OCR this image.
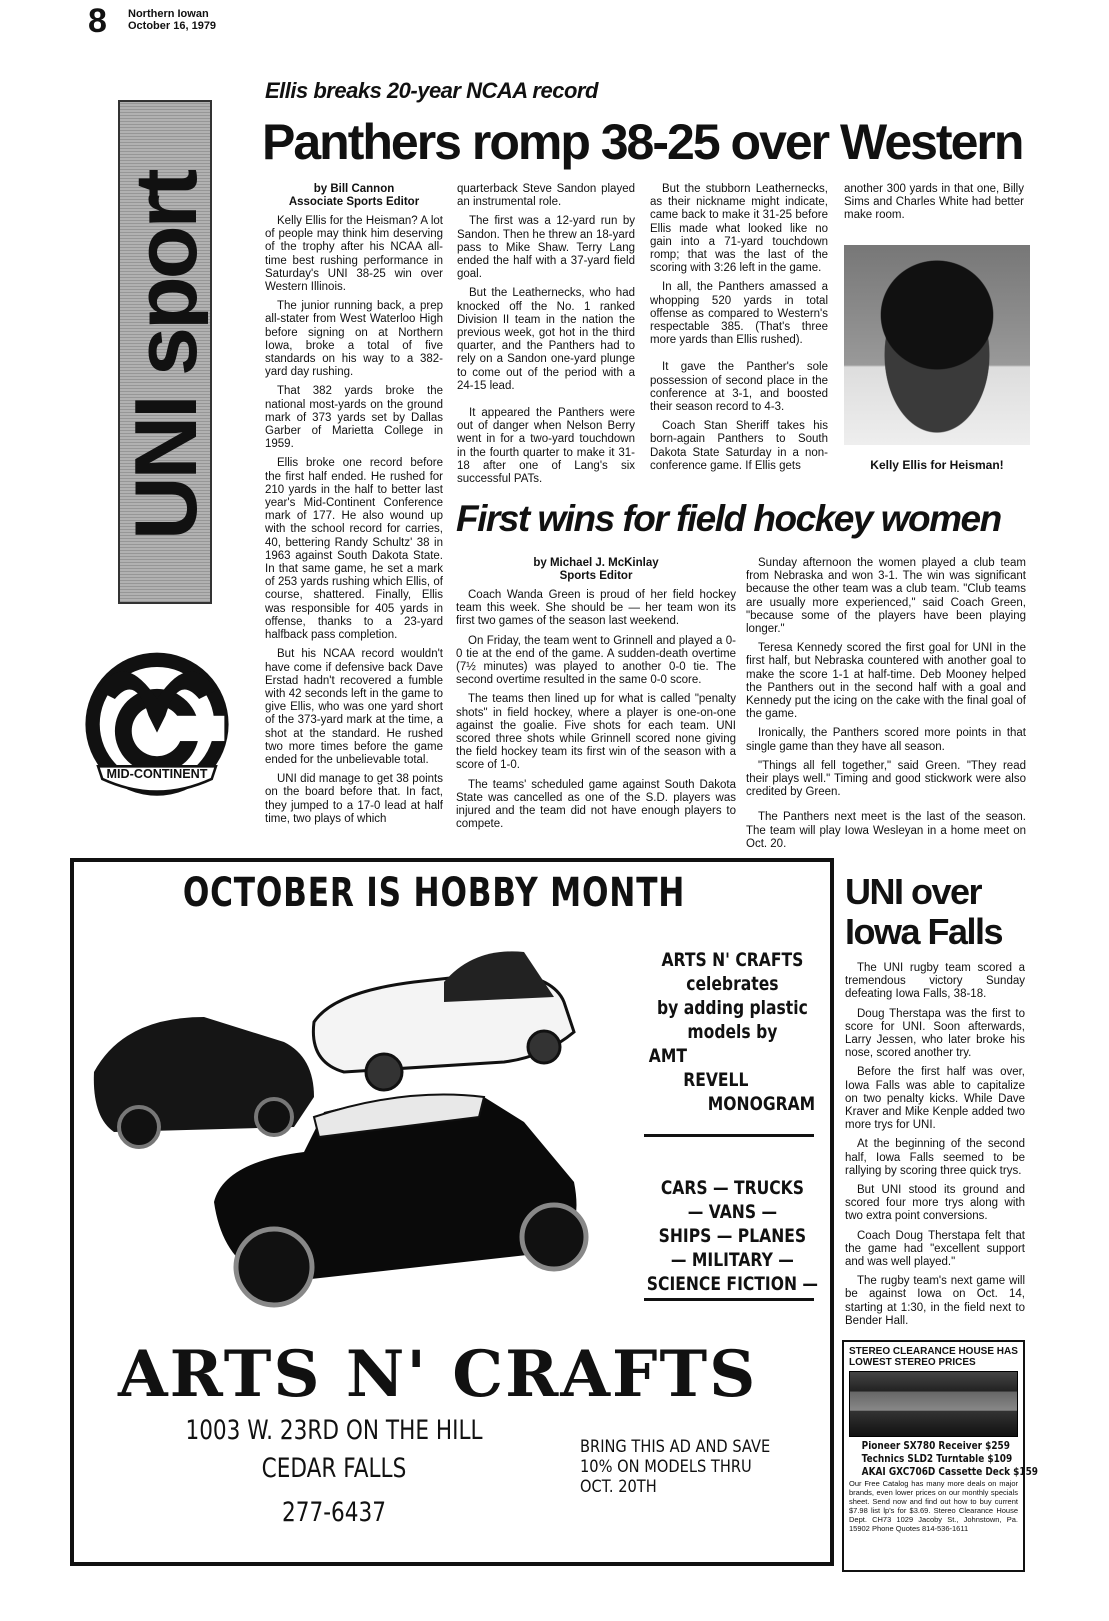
8 Northern Iowan
October 16, 1979
UNI sports
Ellis breaks 20-year NCAA record
Panthers romp 38-25 over Western
by Bill Cannon
Associate Sports Editor

Kelly Ellis for the Heisman? A lot of people may think him deserving of the trophy after his NCAA all-time best rushing performance in Saturday's UNI 38-25 win over Western Illinois.

The junior running back, a prep all-stater from West Waterloo High before signing on at Northern Iowa, broke a total of five standards on his way to a 382-yard day rushing.

That 382 yards broke the national most-yards on the ground mark of 373 yards set by Dallas Garber of Marietta College in 1959.

Ellis broke one record before the first half ended. He rushed for 210 yards in the half to better last year's Mid-Continent Conference mark of 177. He also wound up with the school record for carries, 40, bettering Randy Schultz' 38 in 1963 against South Dakota State. In that same game, he set a mark of 253 yards rushing which Ellis, of course, shattered. Finally, Ellis was responsible for 405 yards in offense, thanks to a 23-yard halfback pass completion.

But his NCAA record wouldn't have come if defensive back Dave Erstad hadn't recovered a fumble with 42 seconds left in the game to give Ellis, who was one yard short of the 373-yard mark at the time, a shot at the standard. He rushed two more times before the game ended for the unbelievable total.

UNI did manage to get 38 points on the board before that. In fact, they jumped to a 17-0 lead at half time, two plays of which

quarterback Steve Sandon played an instrumental role.

The first was a 12-yard run by Sandon. Then he threw an 18-yard pass to Mike Shaw. Terry Lang ended the half with a 37-yard field goal.

But the Leathernecks, who had knocked off the No. 1 ranked Division II team in the nation the previous week, got hot in the third quarter, and the Panthers had to rely on a Sandon one-yard plunge to come out of the period with a 24-15 lead.

It appeared the Panthers were out of danger when Nelson Berry went in for a two-yard touchdown in the fourth quarter to make it 31-18 after one of Lang's six successful PATs.

But the stubborn Leathernecks, as their nickname might indicate, came back to make it 31-25 before Ellis made what looked like no gain into a 71-yard touchdown romp; that was the last of the scoring with 3:26 left in the game.

In all, the Panthers amassed a whopping 520 yards in total offense as compared to Western's respectable 385. (That's three more yards than Ellis rushed).

It gave the Panther's sole possession of second place in the conference at 3-1, and boosted their season record to 4-3.

Coach Stan Sheriff takes his born-again Panthers to South Dakota State Saturday in a non-conference game. If Ellis gets

another 300 yards in that one, Billy Sims and Charles White had better make room.

Kelly Ellis for Heisman!
MID-CONTINENT
First wins for field hockey women
by Michael J. McKinlay
Sports Editor

Coach Wanda Green is proud of her field hockey team this week. She should be — her team won its first two games of the season last weekend.

On Friday, the team went to Grinnell and played a 0-0 tie at the end of the game. A sudden-death overtime (7½ minutes) was played to another 0-0 tie. The second overtime resulted in the same 0-0 score.

The teams then lined up for what is called "penalty shots" in field hockey, where a player is one-on-one against the goalie. Five shots for each team. UNI scored three shots while Grinnell scored none giving the field hockey team its first win of the season with a score of 1-0.

The teams' scheduled game against South Dakota State was cancelled as one of the S.D. players was injured and the team did not have enough players to compete.

Sunday afternoon the women played a club team from Nebraska and won 3-1. The win was significant because the other team was a club team. "Club teams are usually more experienced," said Coach Green, "because some of the players have been playing longer."

Teresa Kennedy scored the first goal for UNI in the first half, but Nebraska countered with another goal to make the score 1-1 at half-time. Deb Mooney helped the Panthers out in the second half with a goal and Kennedy put the icing on the cake with the final goal of the game.

Ironically, the Panthers scored more points in that single game than they have all season.

"Things all fell together," said Green. "They read their plays well." Timing and good stickwork were also credited by Green.

The Panthers next meet is the last of the season. The team will play Iowa Wesleyan in a home meet on Oct. 20.

OCTOBER IS HOBBY MONTH
ARTS N' CRAFTS
celebrates
by adding plastic
models by
AMT
REVELL
MONOGRAM
CARS — TRUCKS
— VANS —
SHIPS — PLANES
— MILITARY —
SCIENCE FICTION —
ARTS N' CRAFTS
1003 W. 23RD ON THE HILL
CEDAR FALLS
277-6437
BRING THIS AD AND SAVE
10% ON MODELS THRU
OCT. 20TH
UNI over Iowa Falls

The UNI rugby team scored a tremendous victory Sunday defeating Iowa Falls, 38-18.

Doug Therstapa was the first to score for UNI. Soon afterwards, Larry Jessen, who later broke his nose, scored another try.

Before the first half was over, Iowa Falls was able to capitalize on two penalty kicks. While Dave Kraver and Mike Kenple added two more trys for UNI.

At the beginning of the second half, Iowa Falls seemed to be rallying by scoring three quick trys.

But UNI stood its ground and scored four more trys along with two extra point conversions.

Coach Doug Therstapa felt that the game had "excellent support and was well played."

The rugby team's next game will be against Iowa on Oct. 14, starting at 1:30, in the field next to Bender Hall.

STEREO CLEARANCE HOUSE HAS LOWEST STEREO PRICES
Pioneer SX780 Receiver $259
Technics SLD2 Turntable $109
AKAI GXC706D Cassette Deck $159
Our Free Catalog has many more deals on major brands, even lower prices on our monthly specials sheet. Send now and find out how to buy current $7.98 list lp's for $3.69. Stereo Clearance House Dept. CH73 1029 Jacoby St., Johnstown, Pa. 15902 Phone Quotes 814-536-1611
